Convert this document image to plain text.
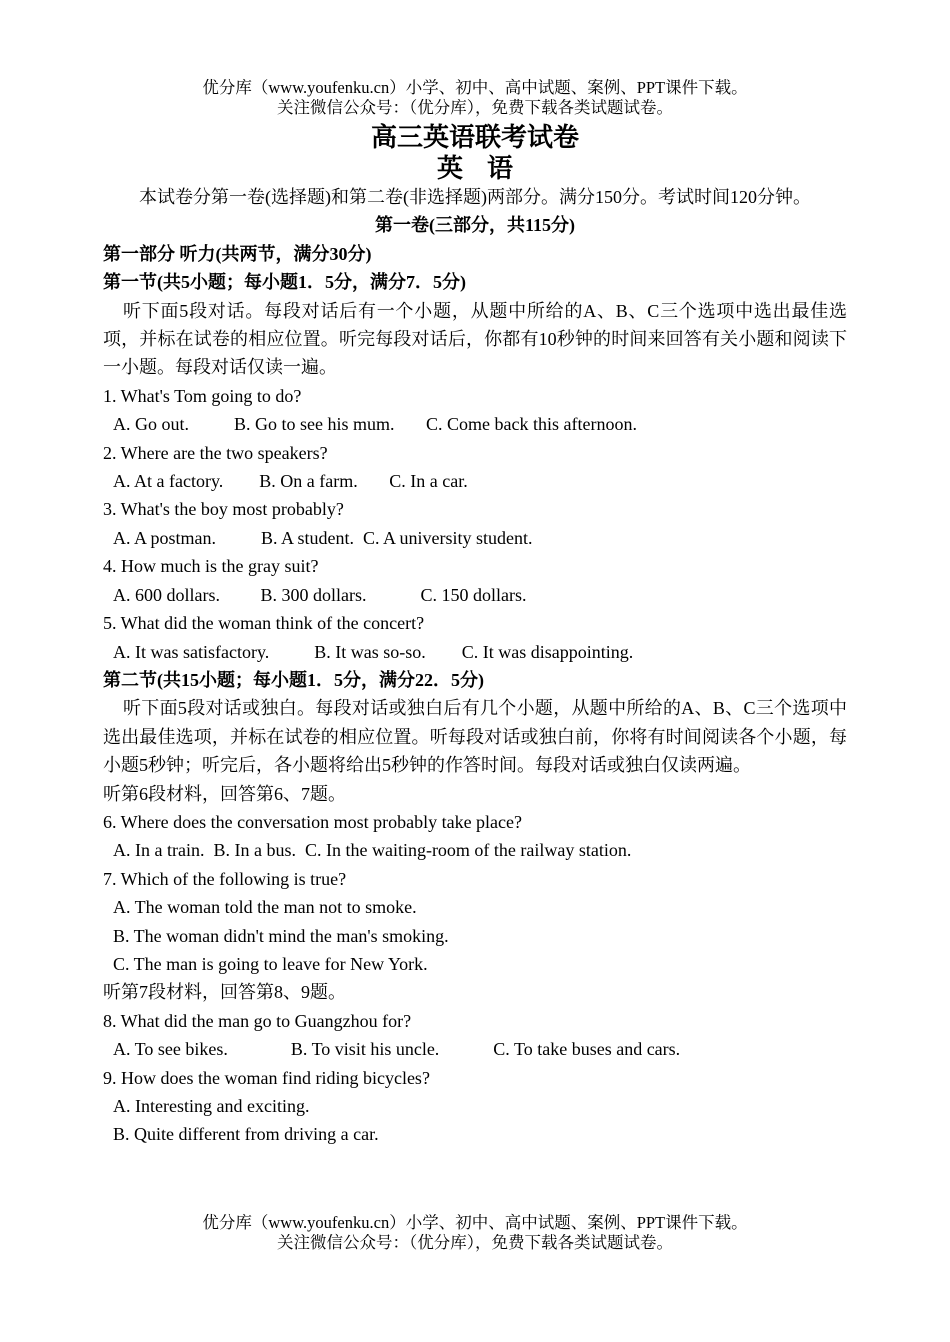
优分库（www.youfenku.cn）小学、初中、高中试题、案例、PPT课件下载。
关注微信公众号：（优分库），免费下载各类试题试卷。
高三英语联考试卷
英语

本试卷分第一卷(选择题)和第二卷(非选择题)两部分。满分150分。考试时间120分钟。

第一卷(三部分，共115分)

第一部分 听力(共两节，满分30分)

第一节(共5小题；每小题1．5分，满分7．5分)

听下面5段对话。每段对话后有一个小题，从题中所给的A、B、C三个选项中选出最佳选项，并标在试卷的相应位置。听完每段对话后，你都有10秒钟的时间来回答有关小题和阅读下一小题。每段对话仅读一遍。

1. What's Tom going to do?

A. Go out.          B. Go to see his mum.       C. Come back this afternoon.

2. Where are the two speakers?

A. At a factory.        B. On a farm.       C. In a car.

3. What's the boy most probably?

A. A postman.          B. A student.  C. A university student.

4. How much is the gray suit?

A. 600 dollars.         B. 300 dollars.            C. 150 dollars.

5. What did the woman think of the concert?

A. It was satisfactory.          B. It was so-so.        C. It was disappointing.

第二节(共15小题；每小题1．5分，满分22．5分)

听下面5段对话或独白。每段对话或独白后有几个小题，从题中所给的A、B、C三个选项中选出最佳选项，并标在试卷的相应位置。听每段对话或独白前，你将有时间阅读各个小题，每小题5秒钟；听完后，各小题将给出5秒钟的作答时间。每段对话或独白仅读两遍。

听第6段材料，回答第6、7题。

6. Where does the conversation most probably take place?

A. In a train.  B. In a bus.  C. In the waiting-room of the railway station.

7. Which of the following is true?

A. The woman told the man not to smoke.

B. The woman didn't mind the man's smoking.

C. The man is going to leave for New York.

听第7段材料，回答第8、9题。

8. What did the man go to Guangzhou for?

A. To see bikes.              B. To visit his uncle.            C. To take buses and cars.

9. How does the woman find riding bicycles?

A. Interesting and exciting.

B. Quite different from driving a car.

优分库（www.youfenku.cn）小学、初中、高中试题、案例、PPT课件下载。
关注微信公众号：（优分库），免费下载各类试题试卷。
